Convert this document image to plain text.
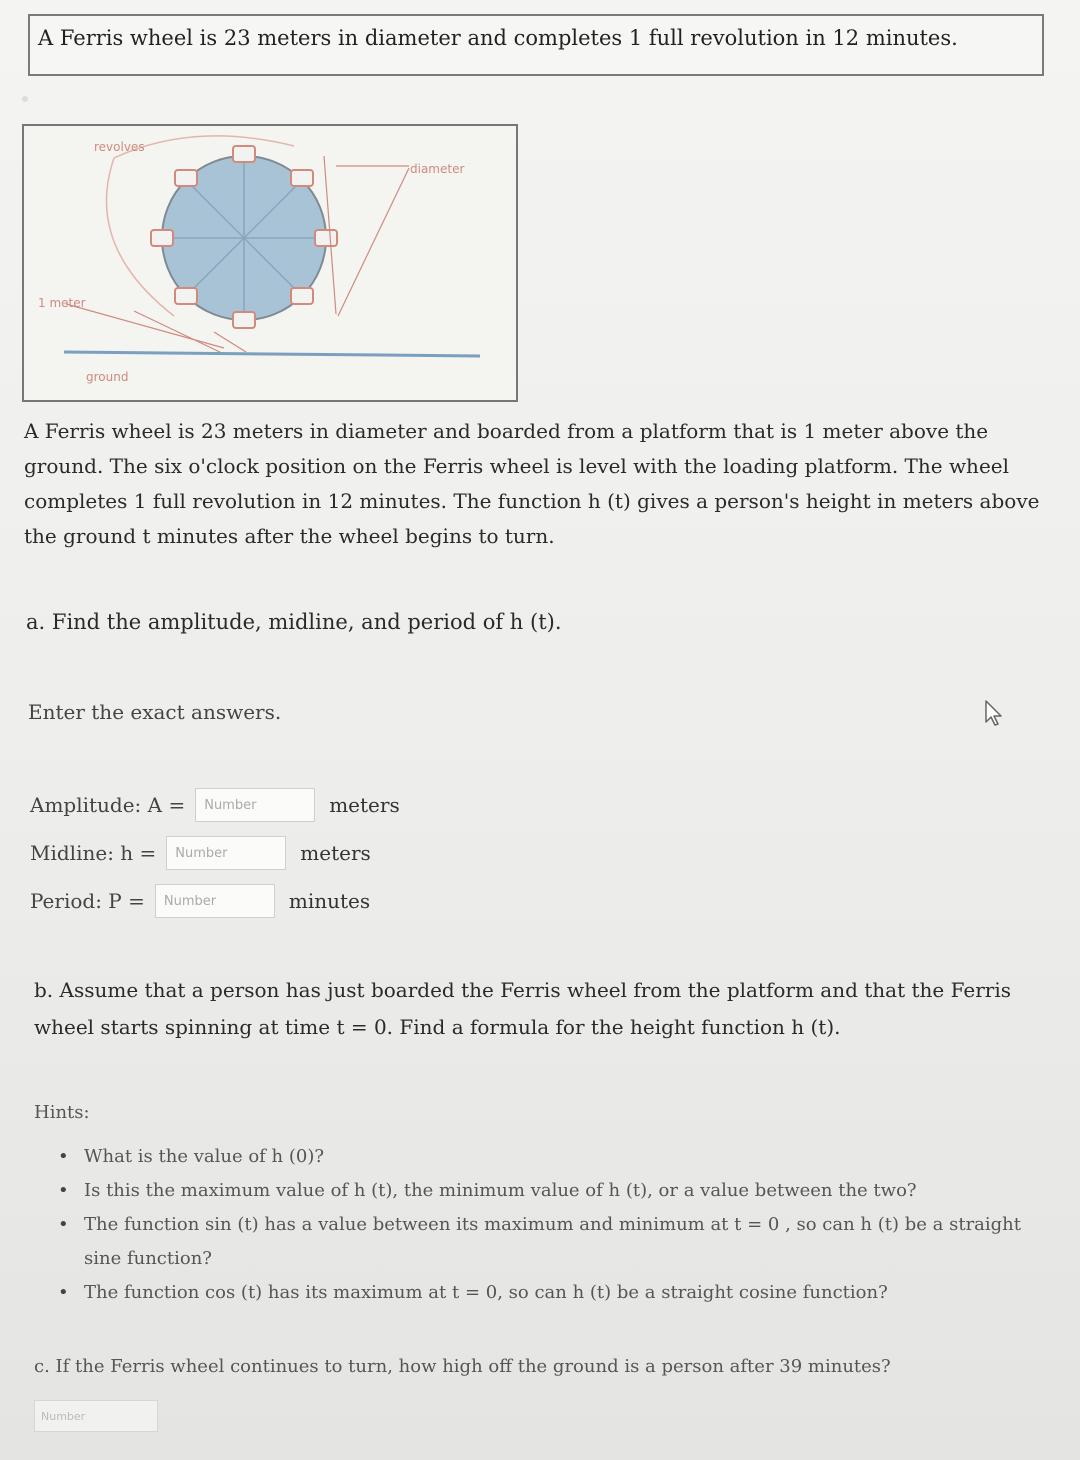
A Ferris wheel is 23 meters in diameter and completes 1 full revolution in 12 minutes.
revolves
diameter
1 meter
ground
A Ferris wheel is 23 meters in diameter and boarded from a platform that is 1 meter above the ground. The six o'clock position on the Ferris wheel is level with the loading platform. The wheel completes 1 full revolution in 12 minutes. The function h (t) gives a person's height in meters above the ground t minutes after the wheel begins to turn.
a. Find the amplitude, midline, and period of h (t).
Enter the exact answers.
Amplitude: A =
Number	meters
Midline: h =
Number	meters
Period: P =
Number	minutes
b. Assume that a person has just boarded the Ferris wheel from the platform and that the Ferris wheel starts spinning at time t = 0. Find a formula for the height function h (t).
Hints:
• What is the value of h (0)?
• Is this the maximum value of h (t), the minimum value of h (t), or a value between the two?
• The function sin (t) has a value between its maximum and minimum at t = 0 , so can h (t) be a straight sine function?
• The function cos (t) has its maximum at t = 0, so can h (t) be a straight cosine function?
c. If the Ferris wheel continues to turn, how high off the ground is a person after 39 minutes?
Number
